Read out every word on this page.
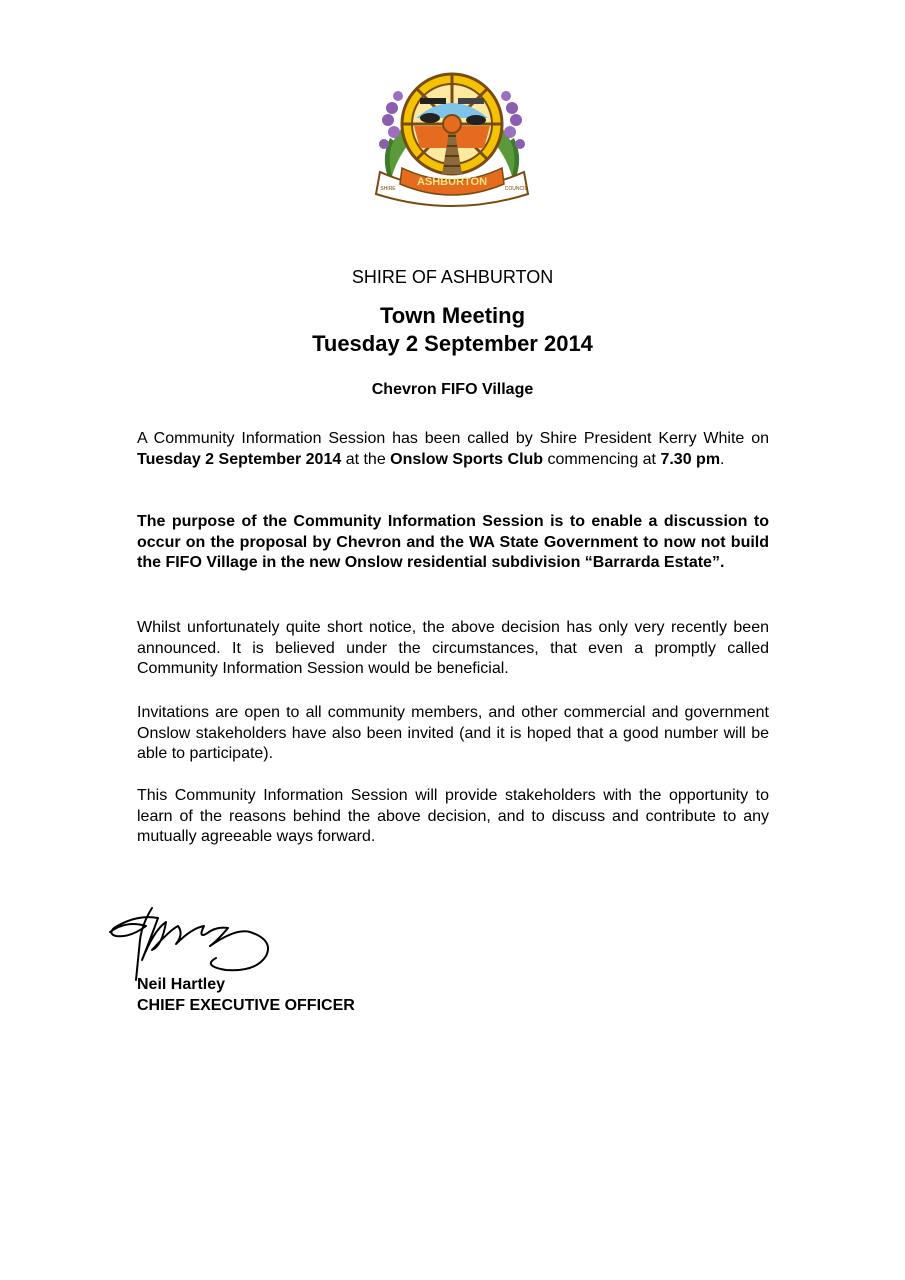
ASHBURTON
SHIRE	COUNCIL
SHIRE OF ASHBURTON
Town Meeting
Tuesday 2 September 2014
Chevron FIFO Village

A Community Information Session has been called by Shire President Kerry White on Tuesday 2 September 2014 at the Onslow Sports Club commencing at 7.30 pm.

The purpose of the Community Information Session is to enable a discussion to occur on the proposal by Chevron and the WA State Government to now not build the FIFO Village in the new Onslow residential subdivision “Barrarda Estate”.

Whilst unfortunately quite short notice, the above decision has only very recently been announced. It is believed under the circumstances, that even a promptly called Community Information Session would be beneficial.

Invitations are open to all community members, and other commercial and government Onslow stakeholders have also been invited (and it is hoped that a good number will be able to participate).

This Community Information Session will provide stakeholders with the opportunity to learn of the reasons behind the above decision, and to discuss and contribute to any mutually agreeable ways forward.

Neil Hartley
CHIEF EXECUTIVE OFFICER
